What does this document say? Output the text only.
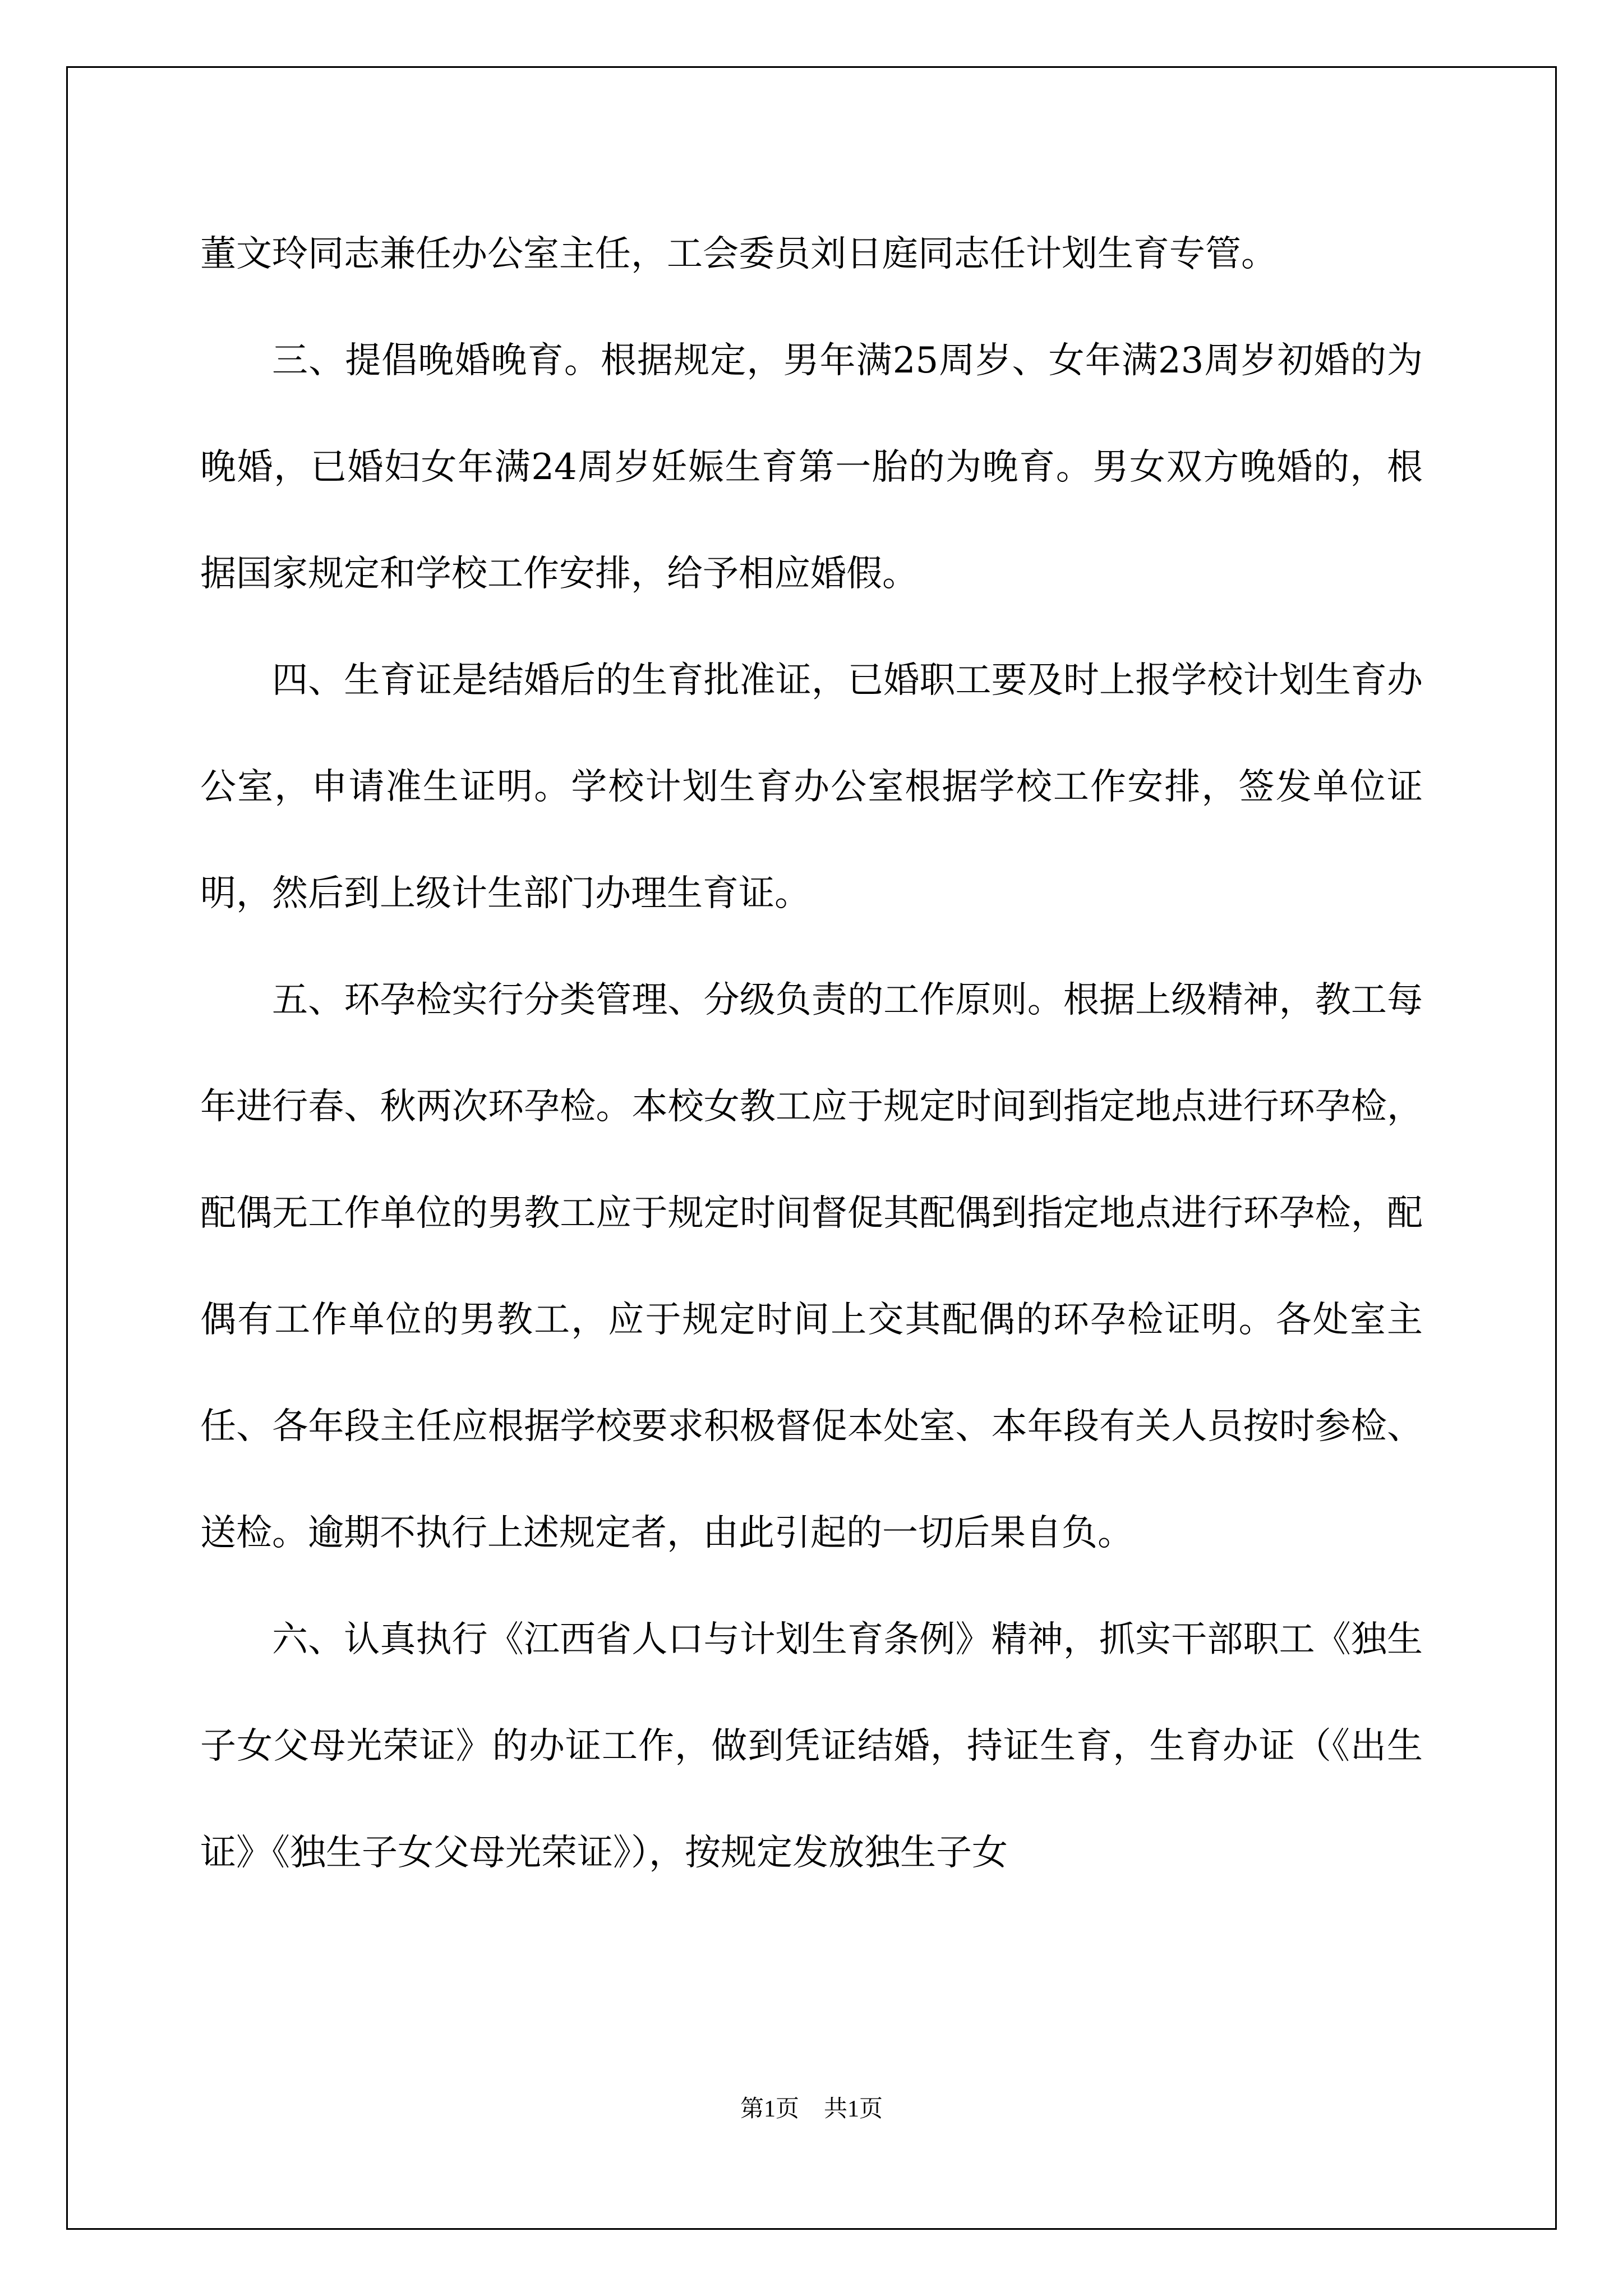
董文玲同志兼任办公室主任，工会委员刘日庭同志任计划生育专管。

三、提倡晚婚晚育。根据规定，男年满25周岁、女年满23周岁初婚的为晚婚，已婚妇女年满24周岁妊娠生育第一胎的为晚育。男女双方晚婚的，根据国家规定和学校工作安排，给予相应婚假。

四、生育证是结婚后的生育批准证，已婚职工要及时上报学校计划生育办公室，申请准生证明。学校计划生育办公室根据学校工作安排，签发单位证明，然后到上级计生部门办理生育证。

五、环孕检实行分类管理、分级负责的工作原则。根据上级精神，教工每年进行春、秋两次环孕检。本校女教工应于规定时间到指定地点进行环孕检，配偶无工作单位的男教工应于规定时间督促其配偶到指定地点进行环孕检，配偶有工作单位的男教工，应于规定时间上交其配偶的环孕检证明。各处室主任、各年段主任应根据学校要求积极督促本处室、本年段有关人员按时参检、送检。逾期不执行上述规定者，由此引起的一切后果自负。

六、认真执行《江西省人口与计划生育条例》精神，抓实干部职工《独生子女父母光荣证》的办证工作，做到凭证结婚，持证生育，生育办证（《出生证》《独生子女父母光荣证》），按规定发放独生子女

第1页 共1页
